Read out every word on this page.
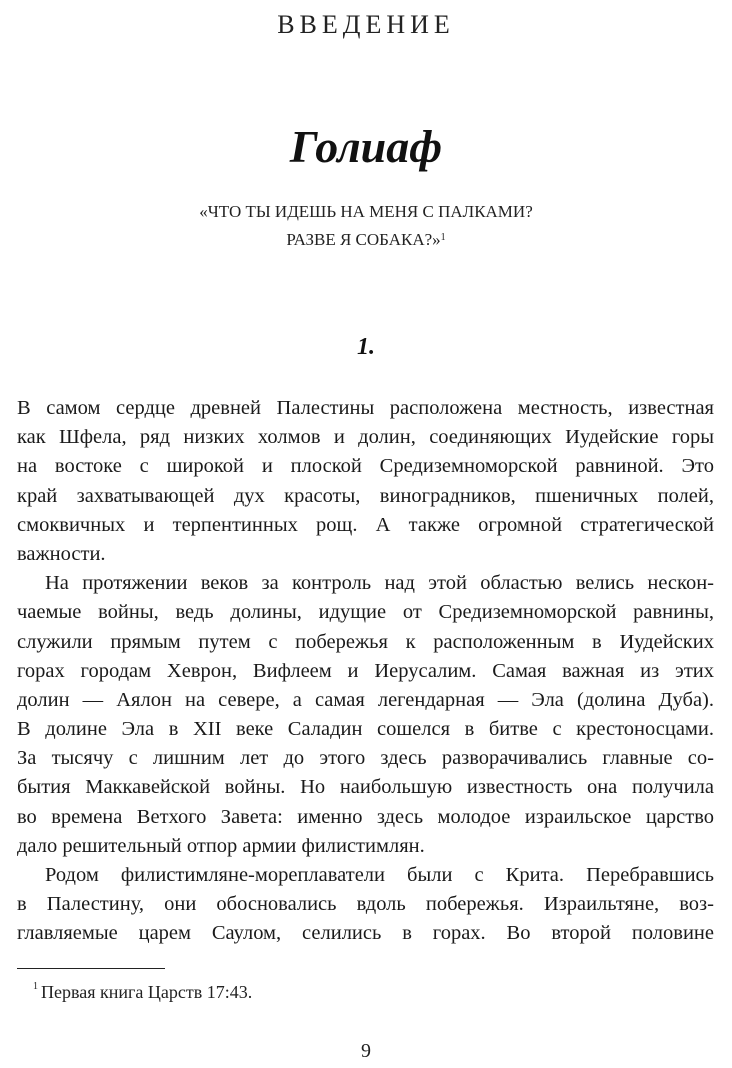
ВВЕДЕНИЕ
Голиаф
«ЧТО ТЫ ИДЕШЬ НА МЕНЯ С ПАЛКАМИ?
РАЗВЕ Я СОБАКА?»$^1$
1.
В самом сердце древней Палестины расположена местность, известная
как Шфела, ряд низких холмов и долин, соединяющих Иудейские горы
на востоке с широкой и плоской Средиземноморской равниной. Это
край захватывающей дух красоты, виноградников, пшеничных полей,
смоквичных и терпентинных рощ. А также огромной стратегической
важности.
На протяжении веков за контроль над этой областью велись нескон-
чаемые войны, ведь долины, идущие от Средиземноморской равнины,
служили прямым путем с побережья к расположенным в Иудейских
горах городам Хеврон, Вифлеем и Иерусалим. Самая важная из этих
долин — Аялон на севере, а самая легендарная — Эла (долина Дуба).
В долине Эла в XII веке Саладин сошелся в битве с крестоносцами.
За тысячу с лишним лет до этого здесь разворачивались главные со-
бытия Маккавейской войны. Но наибольшую известность она получила
во времена Ветхого Завета: именно здесь молодое израильское царство
дало решительный отпор армии филистимлян.
Родом филистимляне-мореплаватели были с Крита. Перебравшись
в Палестину, они обосновались вдоль побережья. Израильтяне, воз-
главляемые царем Саулом, селились в горах. Во второй половине
$^1$ Первая книга Царств 17:43.
9
